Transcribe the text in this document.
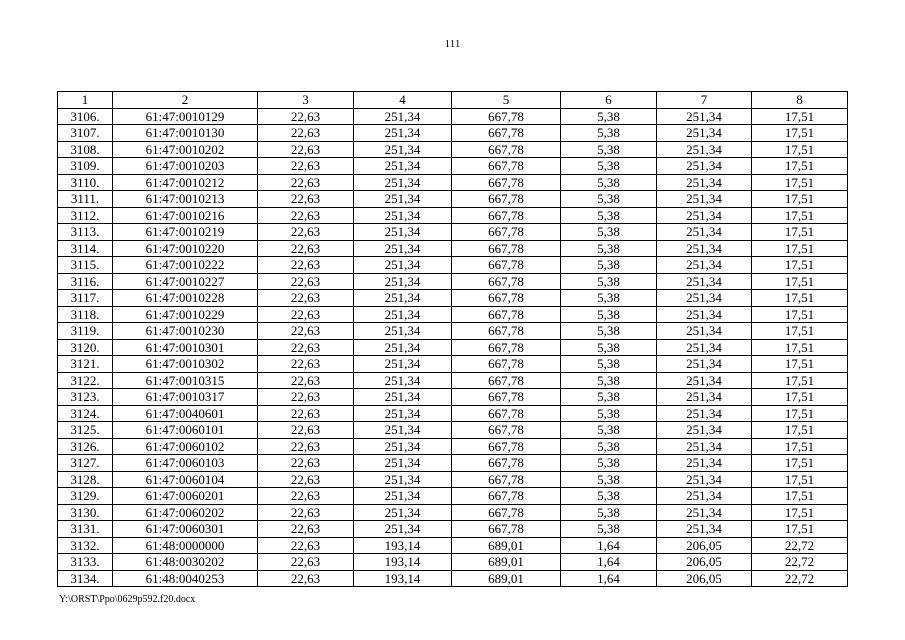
111
1	2	3	4	5	6	7	8
3106.	61:47:0010129	22,63	251,34	667,78	5,38	251,34	17,51
3107.	61:47:0010130	22,63	251,34	667,78	5,38	251,34	17,51
3108.	61:47:0010202	22,63	251,34	667,78	5,38	251,34	17,51
3109.	61:47:0010203	22,63	251,34	667,78	5,38	251,34	17,51
3110.	61:47:0010212	22,63	251,34	667,78	5,38	251,34	17,51
3111.	61:47:0010213	22,63	251,34	667,78	5,38	251,34	17,51
3112.	61:47:0010216	22,63	251,34	667,78	5,38	251,34	17,51
3113.	61:47:0010219	22,63	251,34	667,78	5,38	251,34	17,51
3114.	61:47:0010220	22,63	251,34	667,78	5,38	251,34	17,51
3115.	61:47:0010222	22,63	251,34	667,78	5,38	251,34	17,51
3116.	61:47:0010227	22,63	251,34	667,78	5,38	251,34	17,51
3117.	61:47:0010228	22,63	251,34	667,78	5,38	251,34	17,51
3118.	61:47:0010229	22,63	251,34	667,78	5,38	251,34	17,51
3119.	61:47:0010230	22,63	251,34	667,78	5,38	251,34	17,51
3120.	61:47:0010301	22,63	251,34	667,78	5,38	251,34	17,51
3121.	61:47:0010302	22,63	251,34	667,78	5,38	251,34	17,51
3122.	61:47:0010315	22,63	251,34	667,78	5,38	251,34	17,51
3123.	61:47:0010317	22,63	251,34	667,78	5,38	251,34	17,51
3124.	61:47:0040601	22,63	251,34	667,78	5,38	251,34	17,51
3125.	61:47:0060101	22,63	251,34	667,78	5,38	251,34	17,51
3126.	61:47:0060102	22,63	251,34	667,78	5,38	251,34	17,51
3127.	61:47:0060103	22,63	251,34	667,78	5,38	251,34	17,51
3128.	61:47:0060104	22,63	251,34	667,78	5,38	251,34	17,51
3129.	61:47:0060201	22,63	251,34	667,78	5,38	251,34	17,51
3130.	61:47:0060202	22,63	251,34	667,78	5,38	251,34	17,51
3131.	61:47:0060301	22,63	251,34	667,78	5,38	251,34	17,51
3132.	61:48:0000000	22,63	193,14	689,01	1,64	206,05	22,72
3133.	61:48:0030202	22,63	193,14	689,01	1,64	206,05	22,72
3134.	61:48:0040253	22,63	193,14	689,01	1,64	206,05	22,72
Y:\ORST\Ppo\0629p592.f20.docx
